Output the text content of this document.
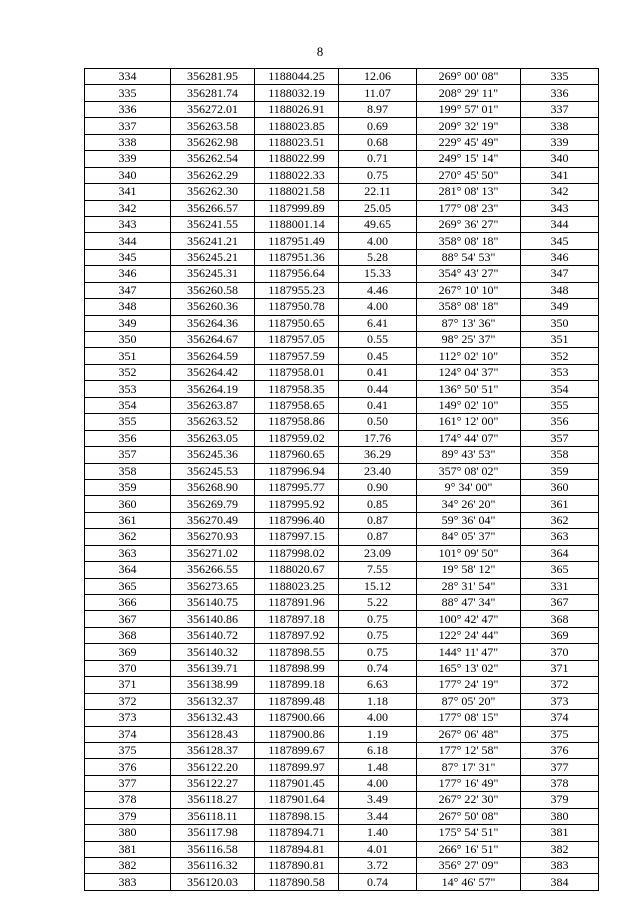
8
334	356281.95	1188044.25	12.06	269° 00' 08"	335
335	356281.74	1188032.19	11.07	208° 29' 11"	336
336	356272.01	1188026.91	8.97	199° 57' 01"	337
337	356263.58	1188023.85	0.69	209° 32' 19"	338
338	356262.98	1188023.51	0.68	229° 45' 49"	339
339	356262.54	1188022.99	0.71	249° 15' 14"	340
340	356262.29	1188022.33	0.75	270° 45' 50"	341
341	356262.30	1188021.58	22.11	281° 08' 13"	342
342	356266.57	1187999.89	25.05	177° 08' 23"	343
343	356241.55	1188001.14	49.65	269° 36' 27"	344
344	356241.21	1187951.49	4.00	358° 08' 18"	345
345	356245.21	1187951.36	5.28	88° 54' 53"	346
346	356245.31	1187956.64	15.33	354° 43' 27"	347
347	356260.58	1187955.23	4.46	267° 10' 10"	348
348	356260.36	1187950.78	4.00	358° 08' 18"	349
349	356264.36	1187950.65	6.41	87° 13' 36"	350
350	356264.67	1187957.05	0.55	98° 25' 37"	351
351	356264.59	1187957.59	0.45	112° 02' 10"	352
352	356264.42	1187958.01	0.41	124° 04' 37"	353
353	356264.19	1187958.35	0.44	136° 50' 51"	354
354	356263.87	1187958.65	0.41	149° 02' 10"	355
355	356263.52	1187958.86	0.50	161° 12' 00"	356
356	356263.05	1187959.02	17.76	174° 44' 07"	357
357	356245.36	1187960.65	36.29	89° 43' 53"	358
358	356245.53	1187996.94	23.40	357° 08' 02"	359
359	356268.90	1187995.77	0.90	9° 34' 00"	360
360	356269.79	1187995.92	0.85	34° 26' 20"	361
361	356270.49	1187996.40	0.87	59° 36' 04"	362
362	356270.93	1187997.15	0.87	84° 05' 37"	363
363	356271.02	1187998.02	23.09	101° 09' 50"	364
364	356266.55	1188020.67	7.55	19° 58' 12"	365
365	356273.65	1188023.25	15.12	28° 31' 54"	331
366	356140.75	1187891.96	5.22	88° 47' 34"	367
367	356140.86	1187897.18	0.75	100° 42' 47"	368
368	356140.72	1187897.92	0.75	122° 24' 44"	369
369	356140.32	1187898.55	0.75	144° 11' 47"	370
370	356139.71	1187898.99	0.74	165° 13' 02"	371
371	356138.99	1187899.18	6.63	177° 24' 19"	372
372	356132.37	1187899.48	1.18	87° 05' 20"	373
373	356132.43	1187900.66	4.00	177° 08' 15"	374
374	356128.43	1187900.86	1.19	267° 06' 48"	375
375	356128.37	1187899.67	6.18	177° 12' 58"	376
376	356122.20	1187899.97	1.48	87° 17' 31"	377
377	356122.27	1187901.45	4.00	177° 16' 49"	378
378	356118.27	1187901.64	3.49	267° 22' 30"	379
379	356118.11	1187898.15	3.44	267° 50' 08"	380
380	356117.98	1187894.71	1.40	175° 54' 51"	381
381	356116.58	1187894.81	4.01	266° 16' 51"	382
382	356116.32	1187890.81	3.72	356° 27' 09"	383
383	356120.03	1187890.58	0.74	14° 46' 57"	384
